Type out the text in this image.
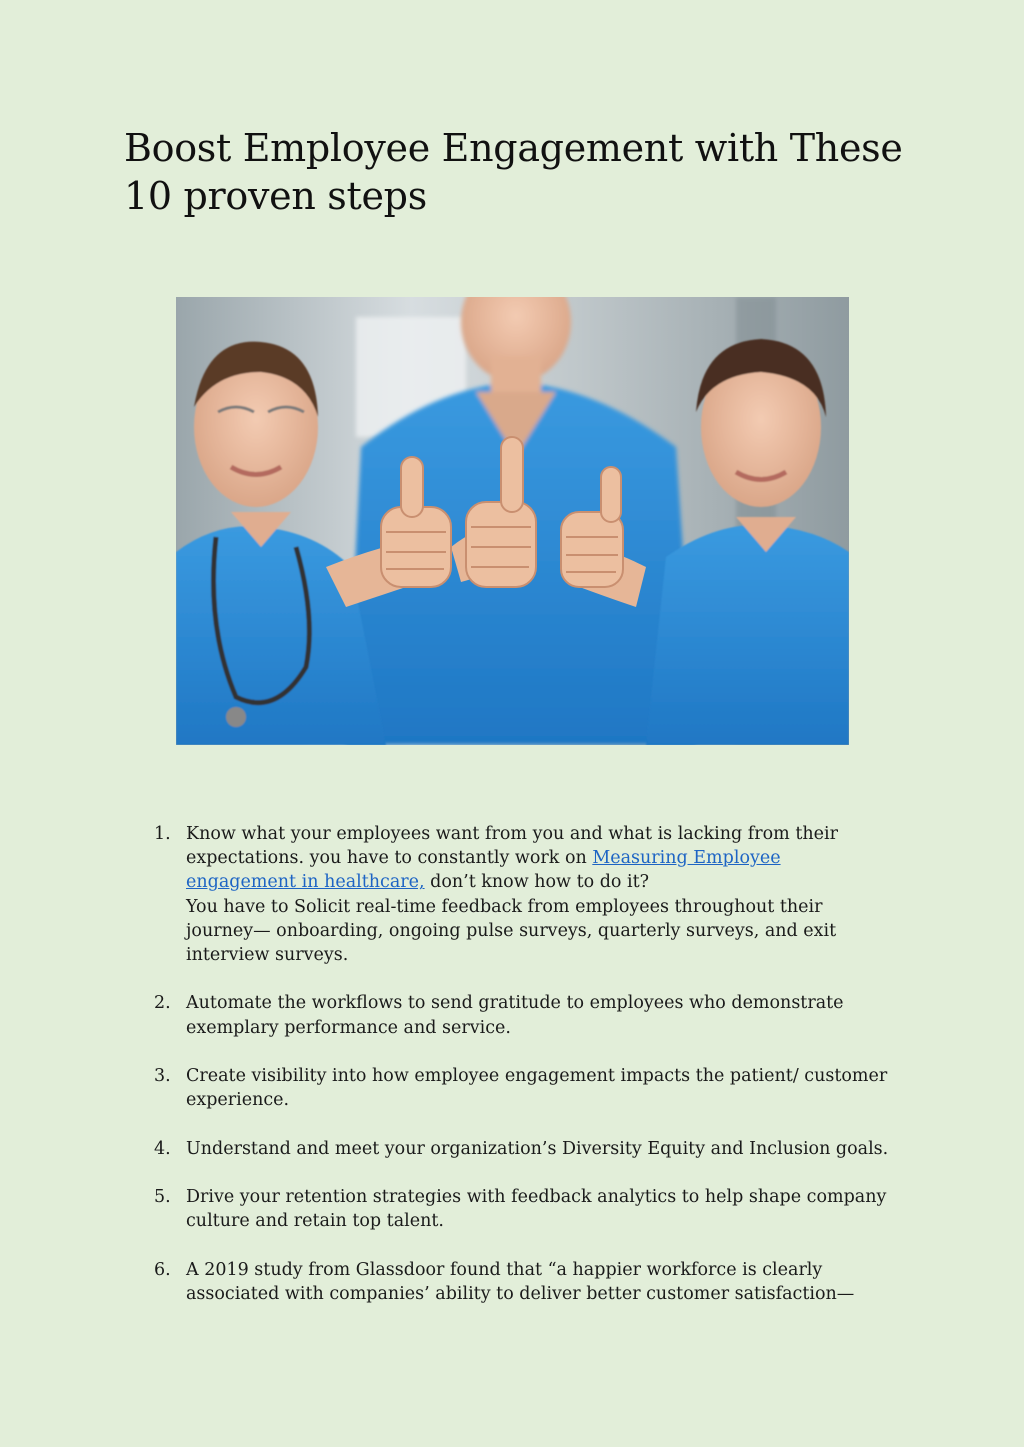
Boost Employee Engagement with These 10 proven steps
1. Know what your employees want from you and what is lacking from their expectations. you have to constantly work on Measuring Employee engagement in healthcare, don’t know how to do it?
You have to Solicit real-time feedback from employees throughout their journey— onboarding, ongoing pulse surveys, quarterly surveys, and exit interview surveys.
2. Automate the workflows to send gratitude to employees who demonstrate exemplary performance and service.
3. Create visibility into how employee engagement impacts the patient/ customer experience.
4. Understand and meet your organization’s Diversity Equity and Inclusion goals.
5. Drive your retention strategies with feedback analytics to help shape company culture and retain top talent.
6. A 2019 study from Glassdoor found that “a happier workforce is clearly associated with companies’ ability to deliver better customer satisfaction—
